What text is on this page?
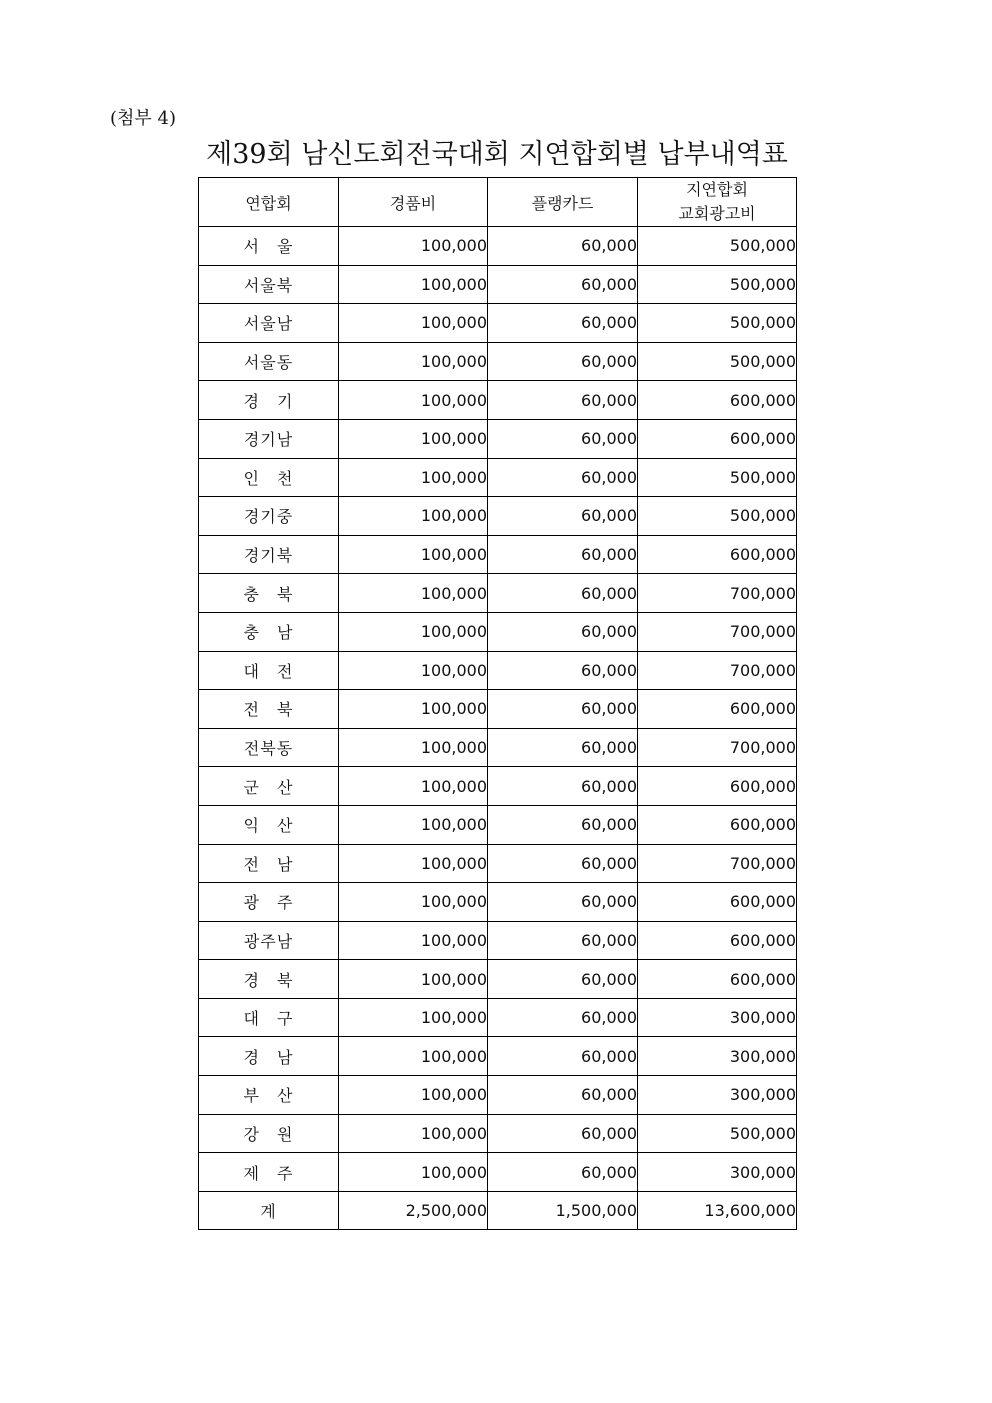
(첨부 4)
제39회 남신도회전국대회 지연합회별 납부내역표
연합회	경품비	플랭카드	지연합회
교회광고비

서　울	100,000	60,000	500,000
서울북	100,000	60,000	500,000
서울남	100,000	60,000	500,000
서울동	100,000	60,000	500,000
경　기	100,000	60,000	600,000
경기남	100,000	60,000	600,000
인　천	100,000	60,000	500,000
경기중	100,000	60,000	500,000
경기북	100,000	60,000	600,000
충　북	100,000	60,000	700,000
충　남	100,000	60,000	700,000
대　전	100,000	60,000	700,000
전　북	100,000	60,000	600,000
전북동	100,000	60,000	700,000
군　산	100,000	60,000	600,000
익　산	100,000	60,000	600,000
전　남	100,000	60,000	700,000
광　주	100,000	60,000	600,000
광주남	100,000	60,000	600,000
경　북	100,000	60,000	600,000
대　구	100,000	60,000	300,000
경　남	100,000	60,000	300,000
부　산	100,000	60,000	300,000
강　원	100,000	60,000	500,000
제　주	100,000	60,000	300,000
계	2,500,000	1,500,000	13,600,000
